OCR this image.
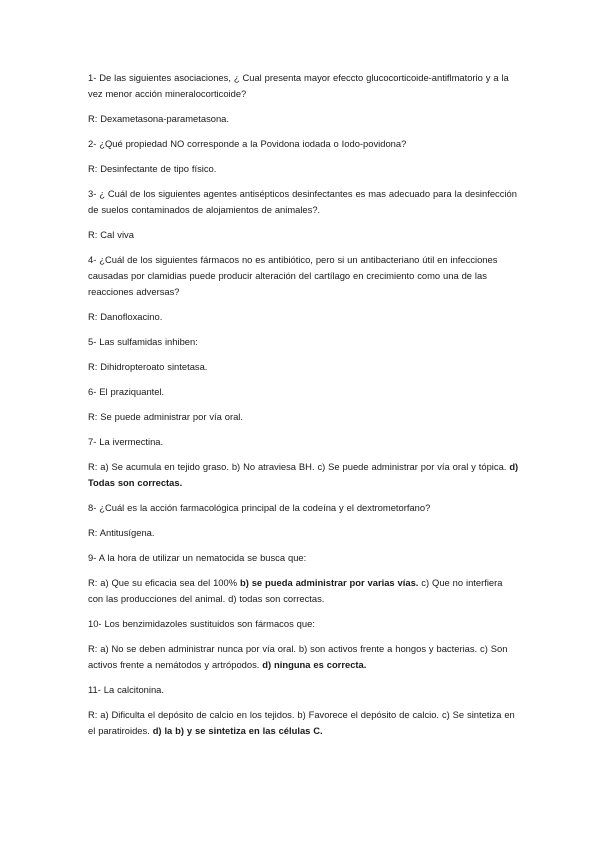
1- De las siguientes asociaciones, ¿ Cual presenta mayor efeccto glucocorticoide-antiflmatorio y a la vez menor acción mineralocorticoide?

R: Dexametasona-parametasona.

2- ¿Qué propiedad NO corresponde a la Povidona iodada o Iodo-povidona?

R: Desinfectante de tipo físico.

3- ¿ Cuál de los siguientes agentes antisépticos desinfectantes es mas adecuado para la desinfección de suelos contaminados de alojamientos de animales?.

R: Cal viva

4- ¿Cuál de los siguientes fármacos no es antibiótico, pero si un antibacteriano útil en infecciones causadas por clamidias puede producir alteración del cartílago en crecimiento como una de las reacciones adversas?

R: Danofloxacino.

5- Las sulfamidas inhiben:

R: Dihidropteroato sintetasa.

6- El praziquantel.

R: Se puede administrar por vía oral.

7- La ivermectina.

R: a) Se acumula en tejido graso. b) No atraviesa BH. c) Se puede administrar por vía oral y tópica. d) Todas son correctas.

8- ¿Cuál es la acción farmacológica principal de la codeína y el dextrometorfano?

R: Antitusígena.

9- A la hora de utilizar un nematocida se busca que:

R: a) Que su eficacia sea del 100% b) se pueda administrar por varias vías. c) Que no interfiera con las producciones del animal. d) todas son correctas.

10- Los benzimidazoles sustituidos son fármacos que:

R: a) No se deben administrar nunca por vía oral. b) son activos frente a hongos y bacterias. c) Son activos frente a nemátodos y artrópodos. d) ninguna es correcta.

11- La calcitonina.

R: a) Dificulta el depósito de calcio en los tejidos. b) Favorece el depósito de calcio. c) Se sintetiza en el paratiroides. d) la b) y se sintetiza en las células C.
